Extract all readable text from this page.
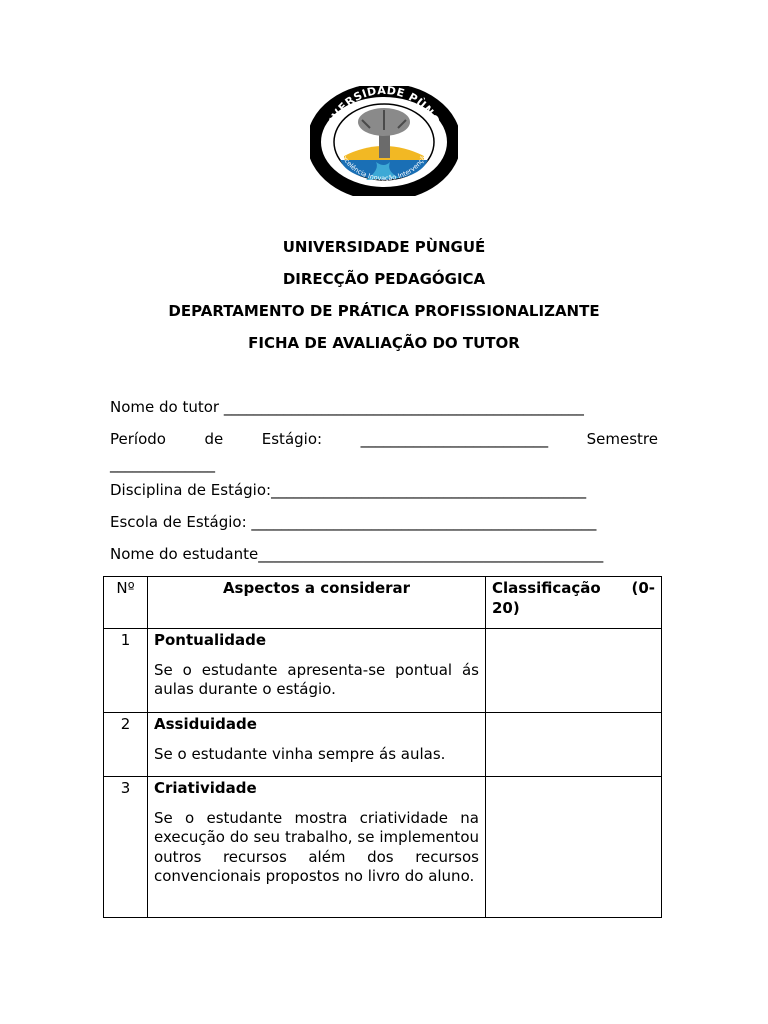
UNIVERSIDADE PÙNGUÉ
Excelência Inovação Intervenção
UNIVERSIDADE PÙNGUÉ
DIRECÇÃO PEDAGÓGICA
DEPARTAMENTO DE PRÁTICA PROFISSIONALIZANTE
FICHA DE AVALIAÇÃO DO TUTOR
Nome do tutor ________________________________________________
Período	de	Estágio:	_________________________	Semestre
______________
Disciplina de Estágio:__________________________________________
Escola de Estágio: ______________________________________________
Nome do estudante______________________________________________
Nº	Aspectos a considerar	Classificação (0-
20)

1	Pontualidade
Se o estudante apresenta-se pontual ás aulas durante o estágio.	

2	Assiduidade
Se o estudante vinha sempre ás aulas.	

3	Criatividade
Se o estudante mostra criatividade na execução do seu trabalho, se implementou outros recursos além dos recursos convencionais propostos no livro do aluno.	
